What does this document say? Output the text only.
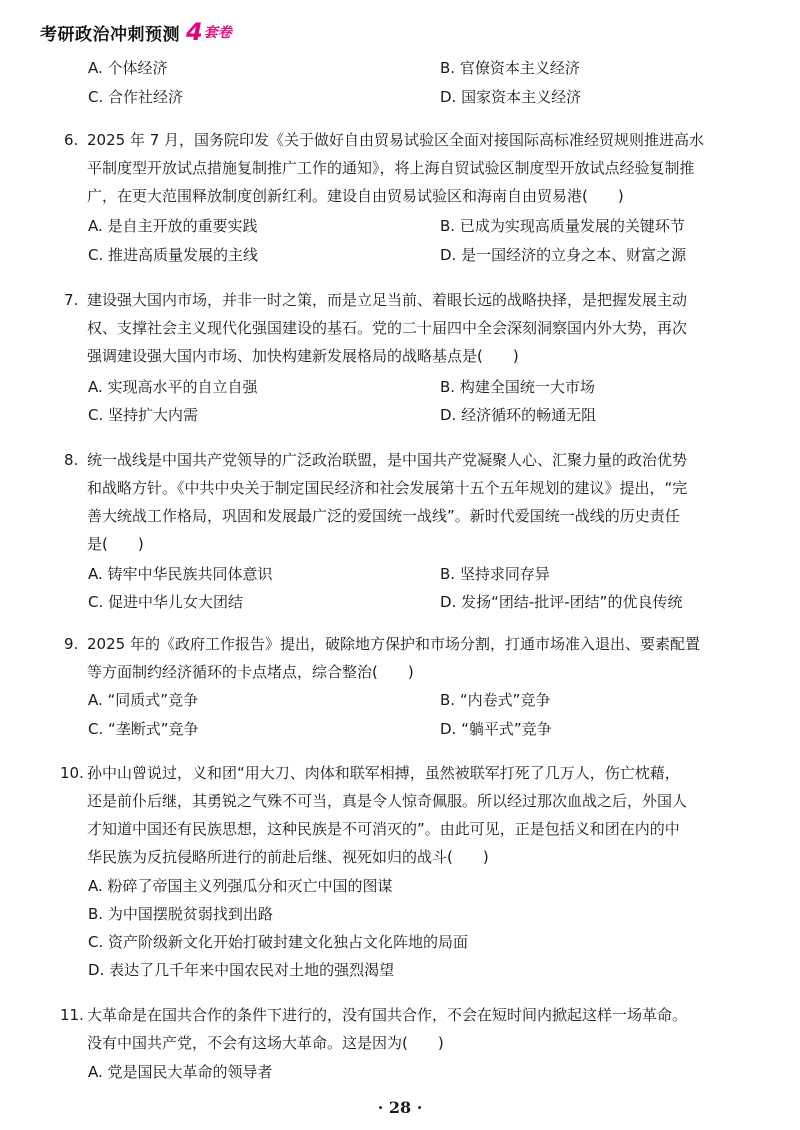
考研政治冲刺预测 4 套卷
A. 个体经济	B. 官僚资本主义经济
C. 合作社经济	D. 国家资本主义经济
6. 2025 年 7 月，国务院印发《关于做好自由贸易试验区全面对接国际高标准经贸规则推进高水
平制度型开放试点措施复制推广工作的通知》，将上海自贸试验区制度型开放试点经验复制推
广，在更大范围释放制度创新红利。建设自由贸易试验区和海南自由贸易港(　　)
A. 是自主开放的重要实践	B. 已成为实现高质量发展的关键环节
C. 推进高质量发展的主线	D. 是一国经济的立身之本、财富之源
7. 建设强大国内市场，并非一时之策，而是立足当前、着眼长远的战略抉择，是把握发展主动
权、支撑社会主义现代化强国建设的基石。党的二十届四中全会深刻洞察国内外大势，再次
强调建设强大国内市场、加快构建新发展格局的战略基点是(　　)
A. 实现高水平的自立自强	B. 构建全国统一大市场
C. 坚持扩大内需	D. 经济循环的畅通无阻
8. 统一战线是中国共产党领导的广泛政治联盟，是中国共产党凝聚人心、汇聚力量的政治优势
和战略方针。《中共中央关于制定国民经济和社会发展第十五个五年规划的建议》提出，“完
善大统战工作格局，巩固和发展最广泛的爱国统一战线”。新时代爱国统一战线的历史责任
是(　　)
A. 铸牢中华民族共同体意识	B. 坚持求同存异
C. 促进中华儿女大团结	D. 发扬“团结-批评-团结”的优良传统
9. 2025 年的《政府工作报告》提出，破除地方保护和市场分割，打通市场准入退出、要素配置
等方面制约经济循环的卡点堵点，综合整治(　　)
A. “同质式”竞争	B. “内卷式”竞争
C. “垄断式”竞争	D. “躺平式”竞争
10. 孙中山曾说过，义和团“用大刀、肉体和联军相搏，虽然被联军打死了几万人，伤亡枕藉，
还是前仆后继，其勇锐之气殊不可当，真是令人惊奇佩服。所以经过那次血战之后，外国人
才知道中国还有民族思想，这种民族是不可消灭的”。由此可见，正是包括义和团在内的中
华民族为反抗侵略所进行的前赴后继、视死如归的战斗(　　)
A. 粉碎了帝国主义列强瓜分和灭亡中国的图谋
B. 为中国摆脱贫弱找到出路
C. 资产阶级新文化开始打破封建文化独占文化阵地的局面
D. 表达了几千年来中国农民对土地的强烈渴望
11. 大革命是在国共合作的条件下进行的，没有国共合作，不会在短时间内掀起这样一场革命。
没有中国共产党，不会有这场大革命。这是因为(　　)
A. 党是国民大革命的领导者
· 28 ·
